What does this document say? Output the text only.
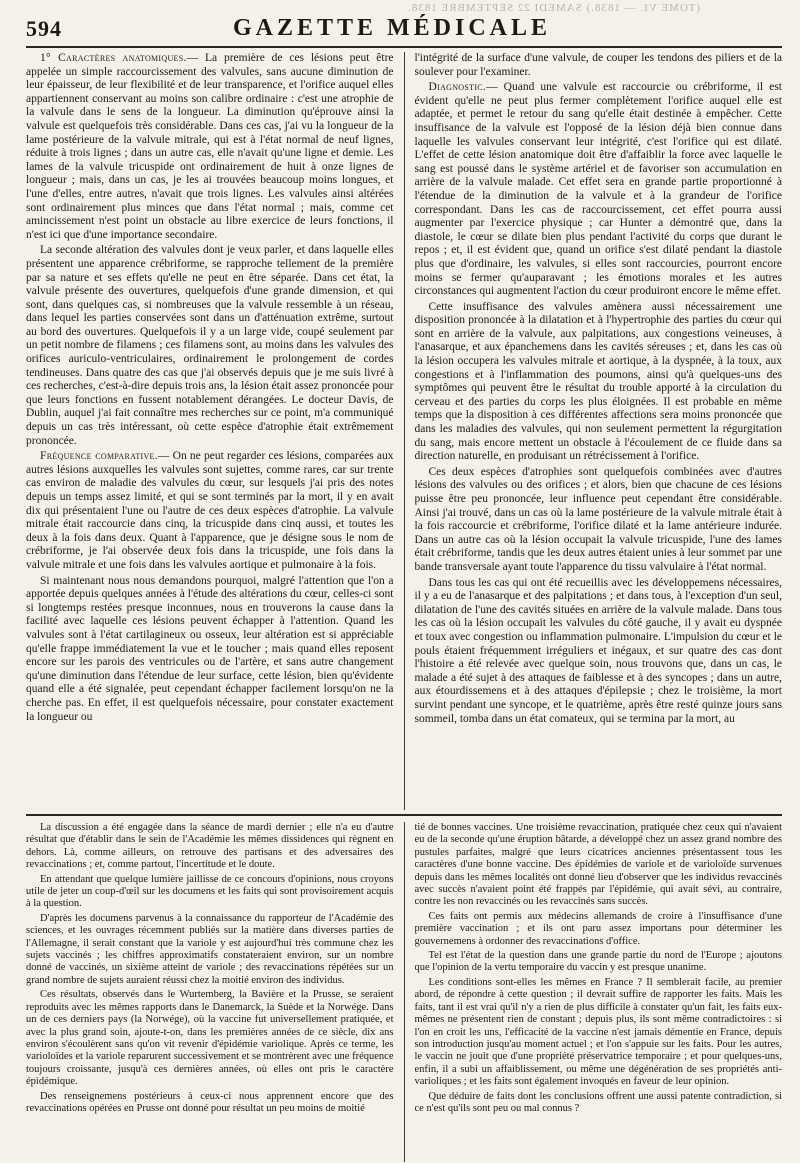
(TOME VI. — 1838.) SAMEDI 22 SEPTEMBRE 1838.
594	GAZETTE MÉDICALE

1° Caractères anatomiques.— La première de ces lésions peut être appelée un simple raccourcissement des valvules, sans aucune diminution de leur épaisseur, de leur flexibilité et de leur transparence, et l'orifice auquel elles appartiennent conservant au moins son calibre ordinaire : c'est une atrophie de la valvule dans le sens de la longueur. La diminution qu'éprouve ainsi la valvule est quelquefois très considérable. Dans ces cas, j'ai vu la longueur de la lame postérieure de la valvule mitrale, qui est à l'état normal de neuf lignes, réduite à trois lignes ; dans un autre cas, elle n'avait qu'une ligne et demie. Les lames de la valvule tricuspide ont ordinairement de huit à onze lignes de longueur ; mais, dans un cas, je les ai trouvées beaucoup moins longues, et l'une d'elles, entre autres, n'avait que trois lignes. Les valvules ainsi altérées sont ordinairement plus minces que dans l'état normal ; mais, comme cet amincissement n'est point un obstacle au libre exercice de leurs fonctions, il n'est ici que d'une importance secondaire.

La seconde altération des valvules dont je veux parler, et dans laquelle elles présentent une apparence crébriforme, se rapproche tellement de la première par sa nature et ses effets qu'elle ne peut en être séparée. Dans cet état, la valvule présente des ouvertures, quelquefois d'une grande dimension, et qui sont, dans quelques cas, si nombreuses que la valvule ressemble à un réseau, dans lequel les parties conservées sont dans un d'atténuation extrême, surtout au bord des ouvertures. Quelquefois il y a un large vide, coupé seulement par un petit nombre de filamens ; ces filamens sont, au moins dans les valvules des orifices auriculo-ventriculaires, ordinairement le prolongement de cordes tendineuses. Dans quatre des cas que j'ai observés depuis que je me suis livré à ces recherches, c'est-à-dire depuis trois ans, la lésion était assez prononcée pour que leurs fonctions en fussent notablement dérangées. Le docteur Davis, de Dublin, auquel j'ai fait connaître mes recherches sur ce point, m'a communiqué depuis un cas très intéressant, où cette espèce d'atrophie était extrêmement prononcée.

Fréquence comparative.— On ne peut regarder ces lésions, comparées aux autres lésions auxquelles les valvules sont sujettes, comme rares, car sur trente cas environ de maladie des valvules du cœur, sur lesquels j'ai pris des notes depuis un temps assez limité, et qui se sont terminés par la mort, il y en avait dix qui présentaient l'une ou l'autre de ces deux espèces d'atrophie. La valvule mitrale était raccourcie dans cinq, la tricuspide dans cinq aussi, et toutes les deux à la fois dans deux. Quant à l'apparence, que je désigne sous le nom de crébriforme, je l'ai observée deux fois dans la tricuspide, une fois dans la valvule mitrale et une fois dans les valvules aortique et pulmonaire à la fois.

Si maintenant nous nous demandons pourquoi, malgré l'attention que l'on a apportée depuis quelques années à l'étude des altérations du cœur, celles-ci sont si longtemps restées presque inconnues, nous en trouverons la cause dans la facilité avec laquelle ces lésions peuvent échapper à l'attention. Quand les valvules sont à l'état cartilagineux ou osseux, leur altération est si appréciable qu'elle frappe immédiatement la vue et le toucher ; mais quand elles reposent encore sur les parois des ventricules ou de l'artère, et sans autre changement qu'une diminution dans l'étendue de leur surface, cette lésion, bien qu'évidente quand elle a été signalée, peut cependant échapper facilement lorsqu'on ne la cherche pas. En effet, il est quelquefois nécessaire, pour constater exactement la longueur ou

l'intégrité de la surface d'une valvule, de couper les tendons des piliers et de la soulever pour l'examiner.

Diagnostic.— Quand une valvule est raccourcie ou crébriforme, il est évident qu'elle ne peut plus fermer complètement l'orifice auquel elle est adaptée, et permet le retour du sang qu'elle était destinée à empêcher. Cette insuffisance de la valvule est l'opposé de la lésion déjà bien connue dans laquelle les valvules conservant leur intégrité, c'est l'orifice qui est dilaté. L'effet de cette lésion anatomique doit être d'affaiblir la force avec laquelle le sang est poussé dans le système artériel et de favoriser son accumulation en arrière de la valvule malade. Cet effet sera en grande partie proportionné à l'étendue de la diminution de la valvule et à la grandeur de l'orifice correspondant. Dans les cas de raccourcissement, cet effet pourra aussi augmenter par l'exercice physique ; car Hunter a démontré que, dans la diastole, le cœur se dilate bien plus pendant l'activité du corps que durant le repos ; et, il est évident que, quand un orifice s'est dilaté pendant la diastole plus que d'ordinaire, les valvules, si elles sont raccourcies, pourront encore moins se fermer qu'auparavant ; les émotions morales et les autres circonstances qui augmentent l'action du cœur produiront encore le même effet.

Cette insuffisance des valvules amènera aussi nécessairement une disposition prononcée à la dilatation et à l'hypertrophie des parties du cœur qui sont en arrière de la valvule, aux palpitations, aux congestions veineuses, à l'anasarque, et aux épanchemens dans les cavités séreuses ; et, dans les cas où la lésion occupera les valvules mitrale et aortique, à la dyspnée, à la toux, aux congestions et à l'inflammation des poumons, ainsi qu'à quelques-uns des symptômes qui peuvent être le résultat du trouble apporté à la circulation du cerveau et des parties du corps les plus éloignées. Il est probable en même temps que la disposition à ces différentes affections sera moins prononcée que dans les maladies des valvules, qui non seulement permettent la régurgitation du sang, mais encore mettent un obstacle à l'écoulement de ce fluide dans sa direction naturelle, en produisant un rétrécissement à l'orifice.

Ces deux espèces d'atrophies sont quelquefois combinées avec d'autres lésions des valvules ou des orifices ; et alors, bien que chacune de ces lésions puisse être peu prononcée, leur influence peut cependant être considérable. Ainsi j'ai trouvé, dans un cas où la lame postérieure de la valvule mitrale était à la fois raccourcie et crébriforme, l'orifice dilaté et la lame antérieure indurée. Dans un autre cas où la lésion occupait la valvule tricuspide, l'une des lames était crébriforme, tandis que les deux autres étaient unies à leur sommet par une bande transversale ayant toute l'apparence du tissu valvulaire à l'état normal.

Dans tous les cas qui ont été recueillis avec les développemens nécessaires, il y a eu de l'anasarque et des palpitations ; et dans tous, à l'exception d'un seul, dilatation de l'une des cavités situées en arrière de la valvule malade. Dans tous les cas où la lésion occupait les valvules du côté gauche, il y avait eu dyspnée et toux avec congestion ou inflammation pulmonaire. L'impulsion du cœur et le pouls étaient fréquemment irréguliers et inégaux, et sur quatre des cas dont l'histoire a été relevée avec quelque soin, nous trouvons que, dans un cas, le malade a été sujet à des attaques de faiblesse et à des syncopes ; dans un autre, aux étourdissemens et à des attaques d'épilepsie ; chez le troisième, la mort survint pendant une syncope, et le quatrième, après être resté quinze jours sans sommeil, tomba dans un état comateux, qui se termina par la mort, au

La discussion a été engagée dans la séance de mardi dernier ; elle n'a eu d'autre résultat que d'établir dans le sein de l'Académie les mêmes dissidences qui règnent en dehors. Là, comme ailleurs, on retrouve des partisans et des adversaires des revaccinations ; et, comme partout, l'incertitude et le doute.

En attendant que quelque lumière jaillisse de ce concours d'opinions, nous croyons utile de jeter un coup-d'œil sur les documens et les faits qui sont provisoirement acquis à la question.

D'après les documens parvenus à la connaissance du rapporteur de l'Académie des sciences, et les ouvrages récemment publiés sur la matière dans diverses parties de l'Allemagne, il serait constant que la variole y est aujourd'hui très commune chez les sujets vaccinés ; les chiffres approximatifs constateraient environ, sur un nombre donné de vaccinés, un sixième atteint de variole ; des revaccinations répétées sur un grand nombre de sujets auraient réussi chez la moitié environ des individus.

Ces résultats, observés dans le Wurtemberg, la Bavière et la Prusse, se seraient reproduits avec les mêmes rapports dans le Danemarck, la Suède et la Norwége. Dans un de ces derniers pays (la Norwége), où la vaccine fut universellement pratiquée, et avec la plus grand soin, ajoute-t-on, dans les premières années de ce siècle, dix ans environ s'écoulèrent sans qu'on vit revenir d'épidémie variolique. Après ce terme, les varioloïdes et la variole reparurent successivement et se montrèrent avec une fréquence toujours croissante, jusqu'à ces dernières années, où elles ont pris le caractère épidémique.

Des renseignemens postérieurs à ceux-ci nous apprennent encore que des revaccinations opérées en Prusse ont donné pour résultat un peu moins de moitié

tié de bonnes vaccines. Une troisième revaccination, pratiquée chez ceux qui n'avaient eu de la seconde qu'une éruption bâtarde, a développé chez un assez grand nombre des pustules parfaites, malgré que leurs cicatrices anciennes présentassent tous les caractères d'une bonne vaccine. Des épidémies de variole et de varioloïde survenues depuis dans les mêmes localités ont donné lieu d'observer que les individus revaccinés avec succès n'avaient point été frappés par l'épidémie, qui avait sévi, au contraire, contre les non revaccinés ou les revaccinés sans succès.

Ces faits ont permis aux médecins allemands de croire à l'insuffisance d'une première vaccination ; et ils ont paru assez importans pour déterminer les gouvernemens à ordonner des revaccinations d'office.

Tel est l'état de la question dans une grande partie du nord de l'Europe ; ajoutons que l'opinion de la vertu temporaire du vaccin y est presque unanime.

Les conditions sont-elles les mêmes en France ? Il semblerait facile, au premier abord, de répondre à cette question ; il devrait suffire de rapporter les faits. Mais les faits, tant il est vrai qu'il n'y a rien de plus difficile à constater qu'un fait, les faits eux-mêmes ne présentent rien de constant ; depuis plus, ils sont même contradictoires : si l'on en croit les uns, l'efficacité de la vaccine n'est jamais démentie en France, depuis son introduction jusqu'au moment actuel ; et l'on s'appuie sur les faits. Pour les autres, le vaccin ne jouit que d'une propriété préservatrice temporaire ; et pour quelques-uns, enfin, il a subi un affaiblissement, ou même une dégénération de ses propriétés anti-varioliques ; et les faits sont également invoqués en faveur de leur opinion.

Que déduire de faits dont les conclusions offrent une aussi patente contradiction, si ce n'est qu'ils sont peu ou mal connus ?
